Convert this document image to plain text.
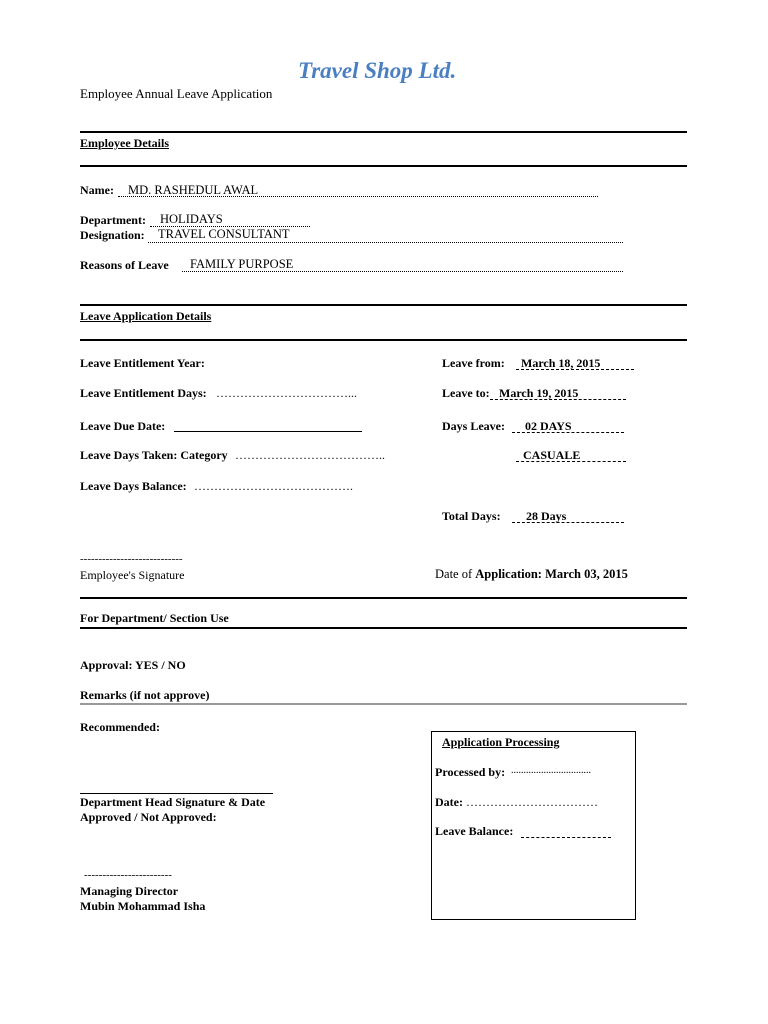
Travel Shop Ltd.
Employee Annual Leave Application
Employee Details
Name: MD. RASHEDUL AWAL
Department: HOLIDAYS
Designation: TRAVEL CONSULTANT
Reasons of Leave FAMILY PURPOSE
Leave Application Details
Leave Entitlement Year:
Leave Entitlement Days: ……………………………...
Leave Due Date:
Leave Days Taken: Category ………………………………..
Leave Days Balance: ………………………………….
Leave from: March 18, 2015
Leave to: March 19, 2015
Days Leave: 02 DAYS
CASUALE
Total Days: 28 Days
----------------------------
Employee's Signature	Date of Application: March 03, 2015
For Department/ Section Use
Approval: YES / NO
Remarks (if not approve)
Recommended:
Department Head Signature & Date
Approved / Not Approved:
------------------------
Managing Director
Mubin Mohammad Isha
Application Processing
Processed by: ................................
Date: ……………………………
Leave Balance:
